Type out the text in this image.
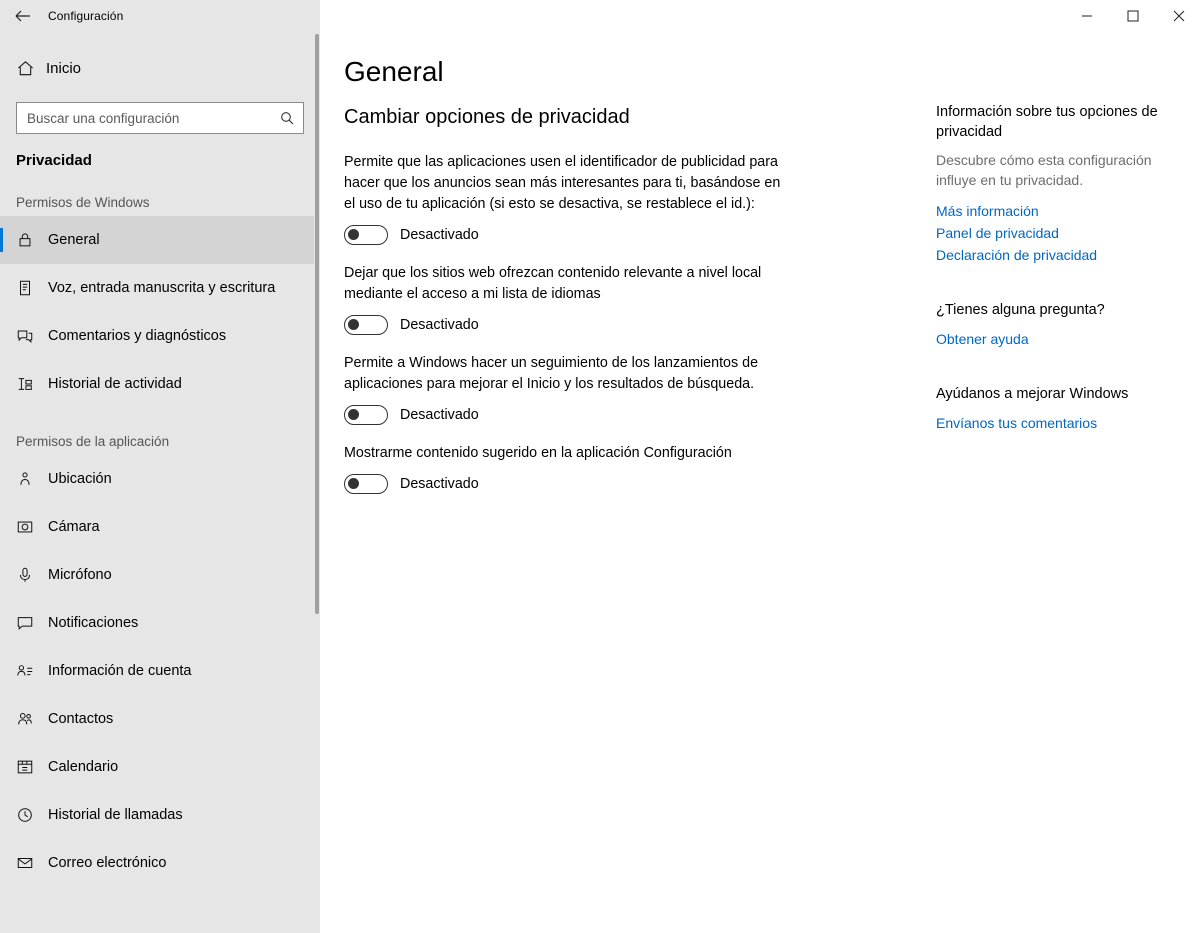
Configuración
Inicio
Buscar una configuración
Privacidad
Permisos de Windows
General
Voz, entrada manuscrita y escritura
Comentarios y diagnósticos
Historial de actividad
Permisos de la aplicación
Ubicación
Cámara
Micrófono
Notificaciones
Información de cuenta
Contactos
Calendario
Historial de llamadas
Correo electrónico
General
Cambiar opciones de privacidad
Permite que las aplicaciones usen el identificador de publicidad para hacer que los anuncios sean más interesantes para ti, basándose en el uso de tu aplicación (si esto se desactiva, se restablece el id.):
Desactivado
Dejar que los sitios web ofrezcan contenido relevante a nivel local mediante el acceso a mi lista de idiomas
Desactivado
Permite a Windows hacer un seguimiento de los lanzamientos de aplicaciones para mejorar el Inicio y los resultados de búsqueda.
Desactivado
Mostrarme contenido sugerido en la aplicación Configuración
Desactivado
Información sobre tus opciones de privacidad

Descubre cómo esta configuración influye en tu privacidad.

Más información
Panel de privacidad
Declaración de privacidad
¿Tienes alguna pregunta?
Obtener ayuda
Ayúdanos a mejorar Windows
Envíanos tus comentarios
